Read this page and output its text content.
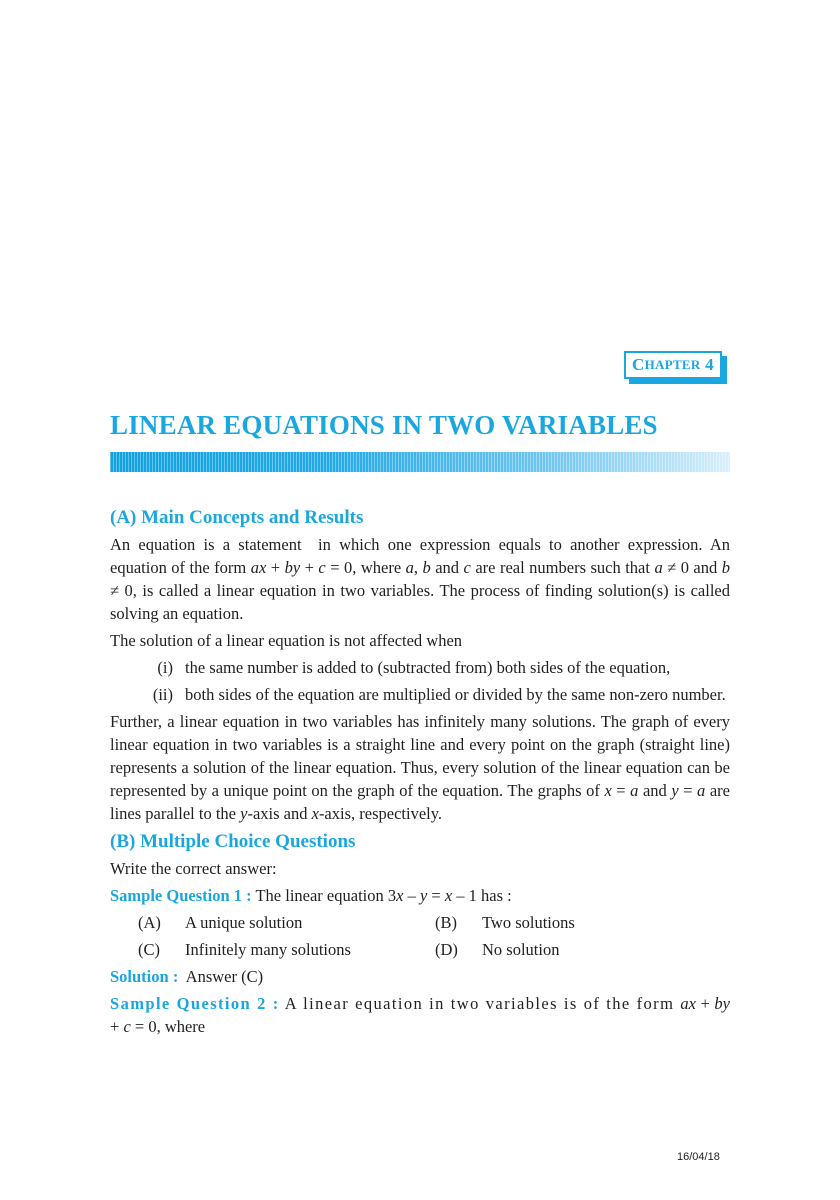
C HAPTER
4
LINEAR EQUATIONS IN TWO VARIABLES
(A) Main Concepts and Results

An equation is a statement  in which one expression equals to another expression. An equation of the form ax + by + c = 0, where a, b and c are real numbers such that a ≠ 0 and b ≠ 0, is called a linear equation in two variables. The process of finding solution(s) is called solving an equation.

The solution of a linear equation is not affected when

(i) the same number is added to (subtracted from) both sides of the equation,
(ii) both sides of the equation are multiplied or divided by the same non-zero number.

Further, a linear equation in two variables has infinitely many solutions. The graph of every linear equation in two variables is a straight line and every point on the graph (straight line) represents a solution of the linear equation. Thus, every solution of the linear equation can be represented by a unique point on the graph of the equation. The graphs of x = a and y = a are lines parallel to the y-axis and x-axis, respectively.

(B) Multiple Choice Questions

Write the correct answer:

Sample Question 1 : The linear equation 3x – y = x – 1 has :

(A)	A unique solution	(B)	Two solutions
(C)	Infinitely many solutions	(D)	No solution

Solution : Answer (C)

Sample Question 2 : A linear equation in two variables is of the form ax + by + c = 0, where

16/04/18
